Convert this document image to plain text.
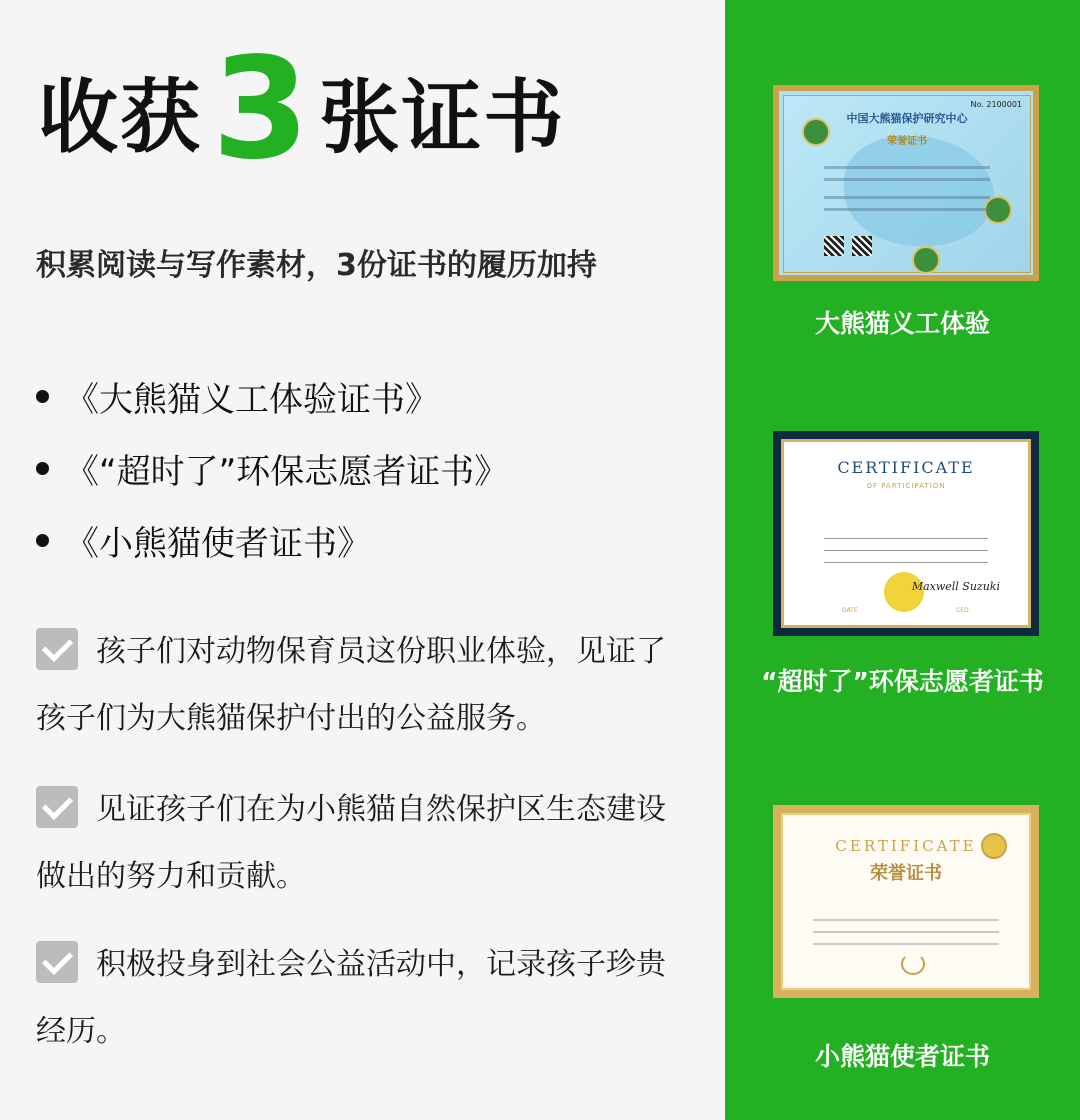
收获 3 张证书
积累阅读与写作素材，3份证书的履历加持
《大熊猫义工体验证书》
《“超时了”环保志愿者证书》
《小熊猫使者证书》
孩子们对动物保育员这份职业体验，见证了孩子们为大熊猫保护付出的公益服务。
见证孩子们在为小熊猫自然保护区生态建设做出的努力和贡献。
积极投身到社会公益活动中，记录孩子珍贵经历。
No. 2100001
中国大熊猫保护研究中心
荣誉证书
大熊猫义工体验
CERTIFICATE
OF PARTICIPATION
Maxwell Suzuki
DATE	CEO
“超时了”环保志愿者证书
CERTIFICATE
荣誉证书
小熊猫使者证书
